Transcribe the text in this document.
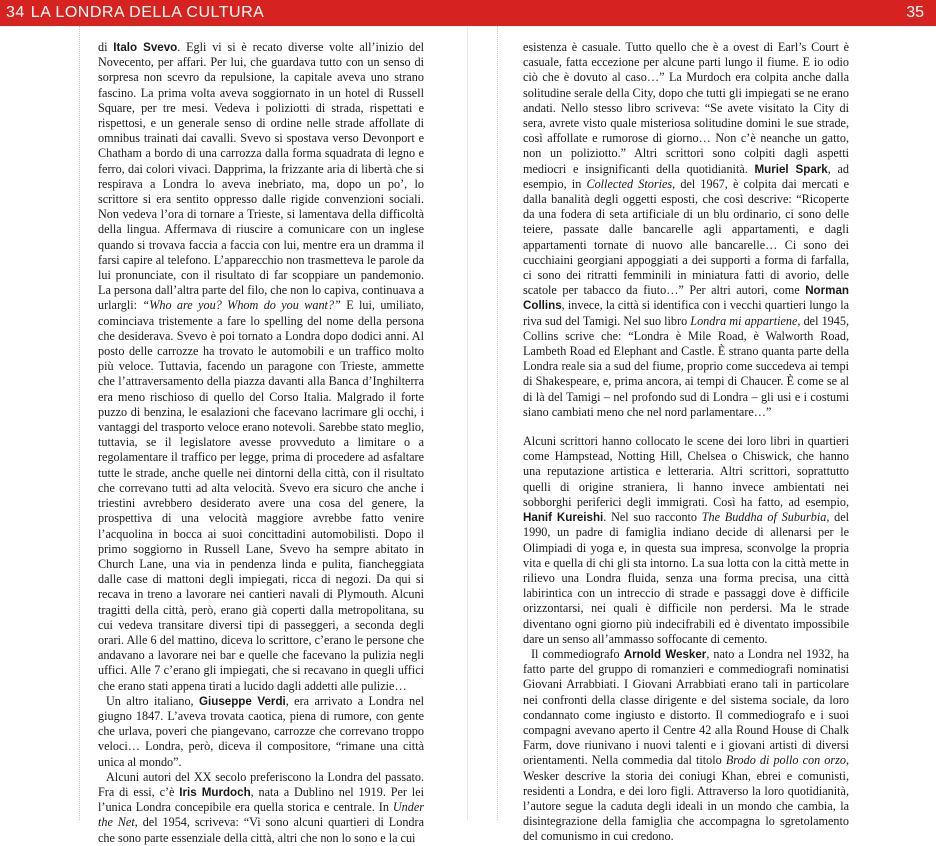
34 LA LONDRA DELLA CULTURA	35

di Italo Svevo. Egli vi si è recato diverse volte all’inizio del Novecento, per affari. Per lui, che guardava tutto con un senso di sorpresa non scevro da repulsione, la capitale aveva uno strano fascino. La prima volta aveva soggiornato in un hotel di Russell Square, per tre mesi. Vedeva i poliziotti di strada, rispettati e rispettosi, e un generale senso di ordine nelle strade affollate di omnibus trainati dai cavalli. Svevo si spostava verso Devonport e Chatham a bordo di una carrozza dalla forma squadrata di legno e ferro, dai colori vivaci. Dapprima, la frizzante aria di libertà che si respirava a Londra lo aveva inebriato, ma, dopo un po’, lo scrittore si era sentito oppresso dalle rigide convenzioni sociali. Non vedeva l’ora di tornare a Trieste, si lamentava della difficoltà della lingua. Affermava di riuscire a comunicare con un inglese quando si trovava faccia a faccia con lui, mentre era un dramma il farsi capire al telefono. L’apparecchio non trasmetteva le parole da lui pronunciate, con il risultato di far scoppiare un pandemonio. La persona dall’altra parte del filo, che non lo capiva, continuava a urlargli: “Who are you? Whom do you want?” E lui, umiliato, cominciava tristemente a fare lo spelling del nome della persona che desiderava. Svevo è poi tornato a Londra dopo dodici anni. Al posto delle carrozze ha trovato le automobili e un traffico molto più veloce. Tuttavia, facendo un paragone con Trieste, ammette che l’attraversamento della piazza davanti alla Banca d’Inghilterra era meno rischioso di quello del Corso Italia. Malgrado il forte puzzo di benzina, le esalazioni che facevano lacrimare gli occhi, i vantaggi del trasporto veloce erano notevoli. Sarebbe stato meglio, tuttavia, se il legislatore avesse provveduto a limitare o a regolamentare il traffico per legge, prima di procedere ad asfaltare tutte le strade, anche quelle nei dintorni della città, con il risultato che correvano tutti ad alta velocità. Svevo era sicuro che anche i triestini avrebbero desiderato avere una cosa del genere, la prospettiva di una velocità maggiore avrebbe fatto venire l’acquolina in bocca ai suoi concittadini automobilisti. Dopo il primo soggiorno in Russell Lane, Svevo ha sempre abitato in Church Lane, una via in pendenza linda e pulita, fiancheggiata dalle case di mattoni degli impiegati, ricca di negozi. Da qui si recava in treno a lavorare nei cantieri navali di Plymouth. Alcuni tragitti della città, però, erano già coperti dalla metropolitana, su cui vedeva transitare diversi tipi di passeggeri, a seconda degli orari. Alle 6 del mattino, diceva lo scrittore, c’erano le persone che andavano a lavorare nei bar e quelle che facevano la pulizia negli uffici. Alle 7 c’erano gli impiegati, che si recavano in quegli uffici che erano stati appena tirati a lucido dagli addetti alle pulizie…

Un altro italiano, Giuseppe Verdi, era arrivato a Londra nel giugno 1847. L’aveva trovata caotica, piena di rumore, con gente che urlava, poveri che piangevano, carrozze che correvano troppo veloci… Londra, però, diceva il compositore, “rimane una città unica al mondo”.

Alcuni autori del XX secolo preferiscono la Londra del passato. Fra di essi, c’è Iris Murdoch, nata a Dublino nel 1919. Per lei l’unica Londra concepibile era quella storica e centrale. In Under the Net, del 1954, scriveva: “Vi sono alcuni quartieri di Londra che sono parte essenziale della città, altri che non lo sono e la cui

esistenza è casuale. Tutto quello che è a ovest di Earl’s Court è casuale, fatta eccezione per alcune parti lungo il fiume. E io odio ciò che è dovuto al caso…” La Murdoch era colpita anche dalla solitudine serale della City, dopo che tutti gli impiegati se ne erano andati. Nello stesso libro scriveva: “Se avete visitato la City di sera, avrete visto quale misteriosa solitudine domini le sue strade, così affollate e rumorose di giorno… Non c’è neanche un gatto, non un poliziotto.” Altri scrittori sono colpiti dagli aspetti mediocri e insignificanti della quotidianità. Muriel Spark, ad esempio, in Collected Stories, del 1967, è colpita dai mercati e dalla banalità degli oggetti esposti, che così descrive: “Ricoperte da una fodera di seta artificiale di un blu ordinario, ci sono delle teiere, passate dalle bancarelle agli appartamenti, e dagli appartamenti tornate di nuovo alle bancarelle… Ci sono dei cucchiaini georgiani appoggiati a dei supporti a forma di farfalla, ci sono dei ritratti femminili in miniatura fatti di avorio, delle scatole per tabacco da fiuto…” Per altri autori, come Norman Collins, invece, la città si identifica con i vecchi quartieri lungo la riva sud del Tamigi. Nel suo libro Londra mi appartiene, del 1945, Collins scrive che: “Londra è Mile Road, è Walworth Road, Lambeth Road ed Elephant and Castle. È strano quanta parte della Londra reale sia a sud del fiume, proprio come succedeva ai tempi di Shakespeare, e, prima ancora, ai tempi di Chaucer. È come se al di là del Tamigi – nel profondo sud di Londra – gli usi e i costumi siano cambiati meno che nel nord parlamentare…”

Alcuni scrittori hanno collocato le scene dei loro libri in quartieri come Hampstead, Notting Hill, Chelsea o Chiswick, che hanno una reputazione artistica e letteraria. Altri scrittori, soprattutto quelli di origine straniera, li hanno invece ambientati nei sobborghi periferici degli immigrati. Così ha fatto, ad esempio, Hanif Kureishi. Nel suo racconto The Buddha of Suburbia, del 1990, un padre di famiglia indiano decide di allenarsi per le Olimpiadi di yoga e, in questa sua impresa, sconvolge la propria vita e quella di chi gli sta intorno. La sua lotta con la città mette in rilievo una Londra fluida, senza una forma precisa, una città labirintica con un intreccio di strade e passaggi dove è difficile orizzontarsi, nei quali è difficile non perdersi. Ma le strade diventano ogni giorno più indecifrabili ed è diventato impossibile dare un senso all’ammasso soffocante di cemento.

Il commediografo Arnold Wesker, nato a Londra nel 1932, ha fatto parte del gruppo di romanzieri e commediografi nominatisi Giovani Arrabbiati. I Giovani Arrabbiati erano tali in particolare nei confronti della classe dirigente e del sistema sociale, da loro condannato come ingiusto e distorto. Il commediografo e i suoi compagni avevano aperto il Centre 42 alla Round House di Chalk Farm, dove riunivano i nuovi talenti e i giovani artisti di diversi orientamenti. Nella commedia dal titolo Brodo di pollo con orzo, Wesker descrive la storia dei coniugi Khan, ebrei e comunisti, residenti a Londra, e dei loro figli. Attraverso la loro quotidianità, l’autore segue la caduta degli ideali in un mondo che cambia, la disintegrazione della famiglia che accompagna lo sgretolamento del comunismo in cui credono.
